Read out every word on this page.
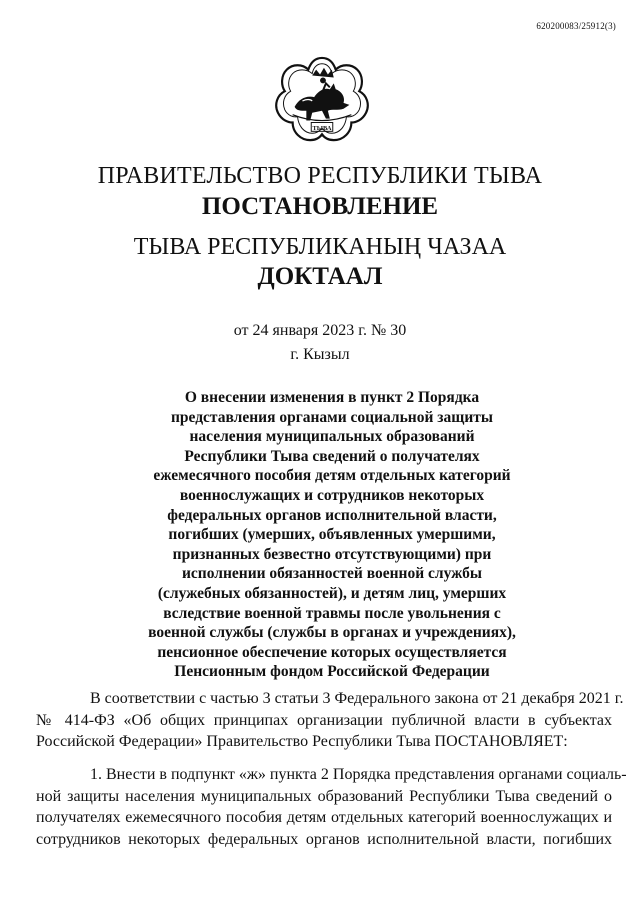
620200083/25912(3)
ТЫВА
ПРАВИТЕЛЬСТВО РЕСПУБЛИКИ ТЫВА
ПОСТАНОВЛЕНИЕ
ТЫВА РЕСПУБЛИКАНЫҢ ЧАЗАА
ДОКТААЛ
от 24 января 2023 г. № 30
г. Кызыл
О внесении изменения в пункт 2 Порядка
представления органами социальной защиты
населения муниципальных образований
Республики Тыва сведений о получателях
ежемесячного пособия детям отдельных категорий
военнослужащих и сотрудников некоторых
федеральных органов исполнительной власти,
погибших (умерших, объявленных умершими,
признанных безвестно отсутствующими) при
исполнении обязанностей военной службы
(служебных обязанностей), и детям лиц, умерших
вследствие военной травмы после увольнения с
военной службы (службы в органах и учреждениях),
пенсионное обеспечение которых осуществляется
Пенсионным фондом Российской Федерации
В соответствии с частью 3 статьи 3 Федерального закона от 21 декабря 2021 г.
№ 414-ФЗ «Об общих принципах организации публичной власти в субъектах
Российской Федерации» Правительство Республики Тыва ПОСТАНОВЛЯЕТ:
1. Внести в подпункт «ж» пункта 2 Порядка представления органами социаль-
ной защиты населения муниципальных образований Республики Тыва сведений о
получателях ежемесячного пособия детям отдельных категорий военнослужащих и
сотрудников некоторых федеральных органов исполнительной власти, погибших
